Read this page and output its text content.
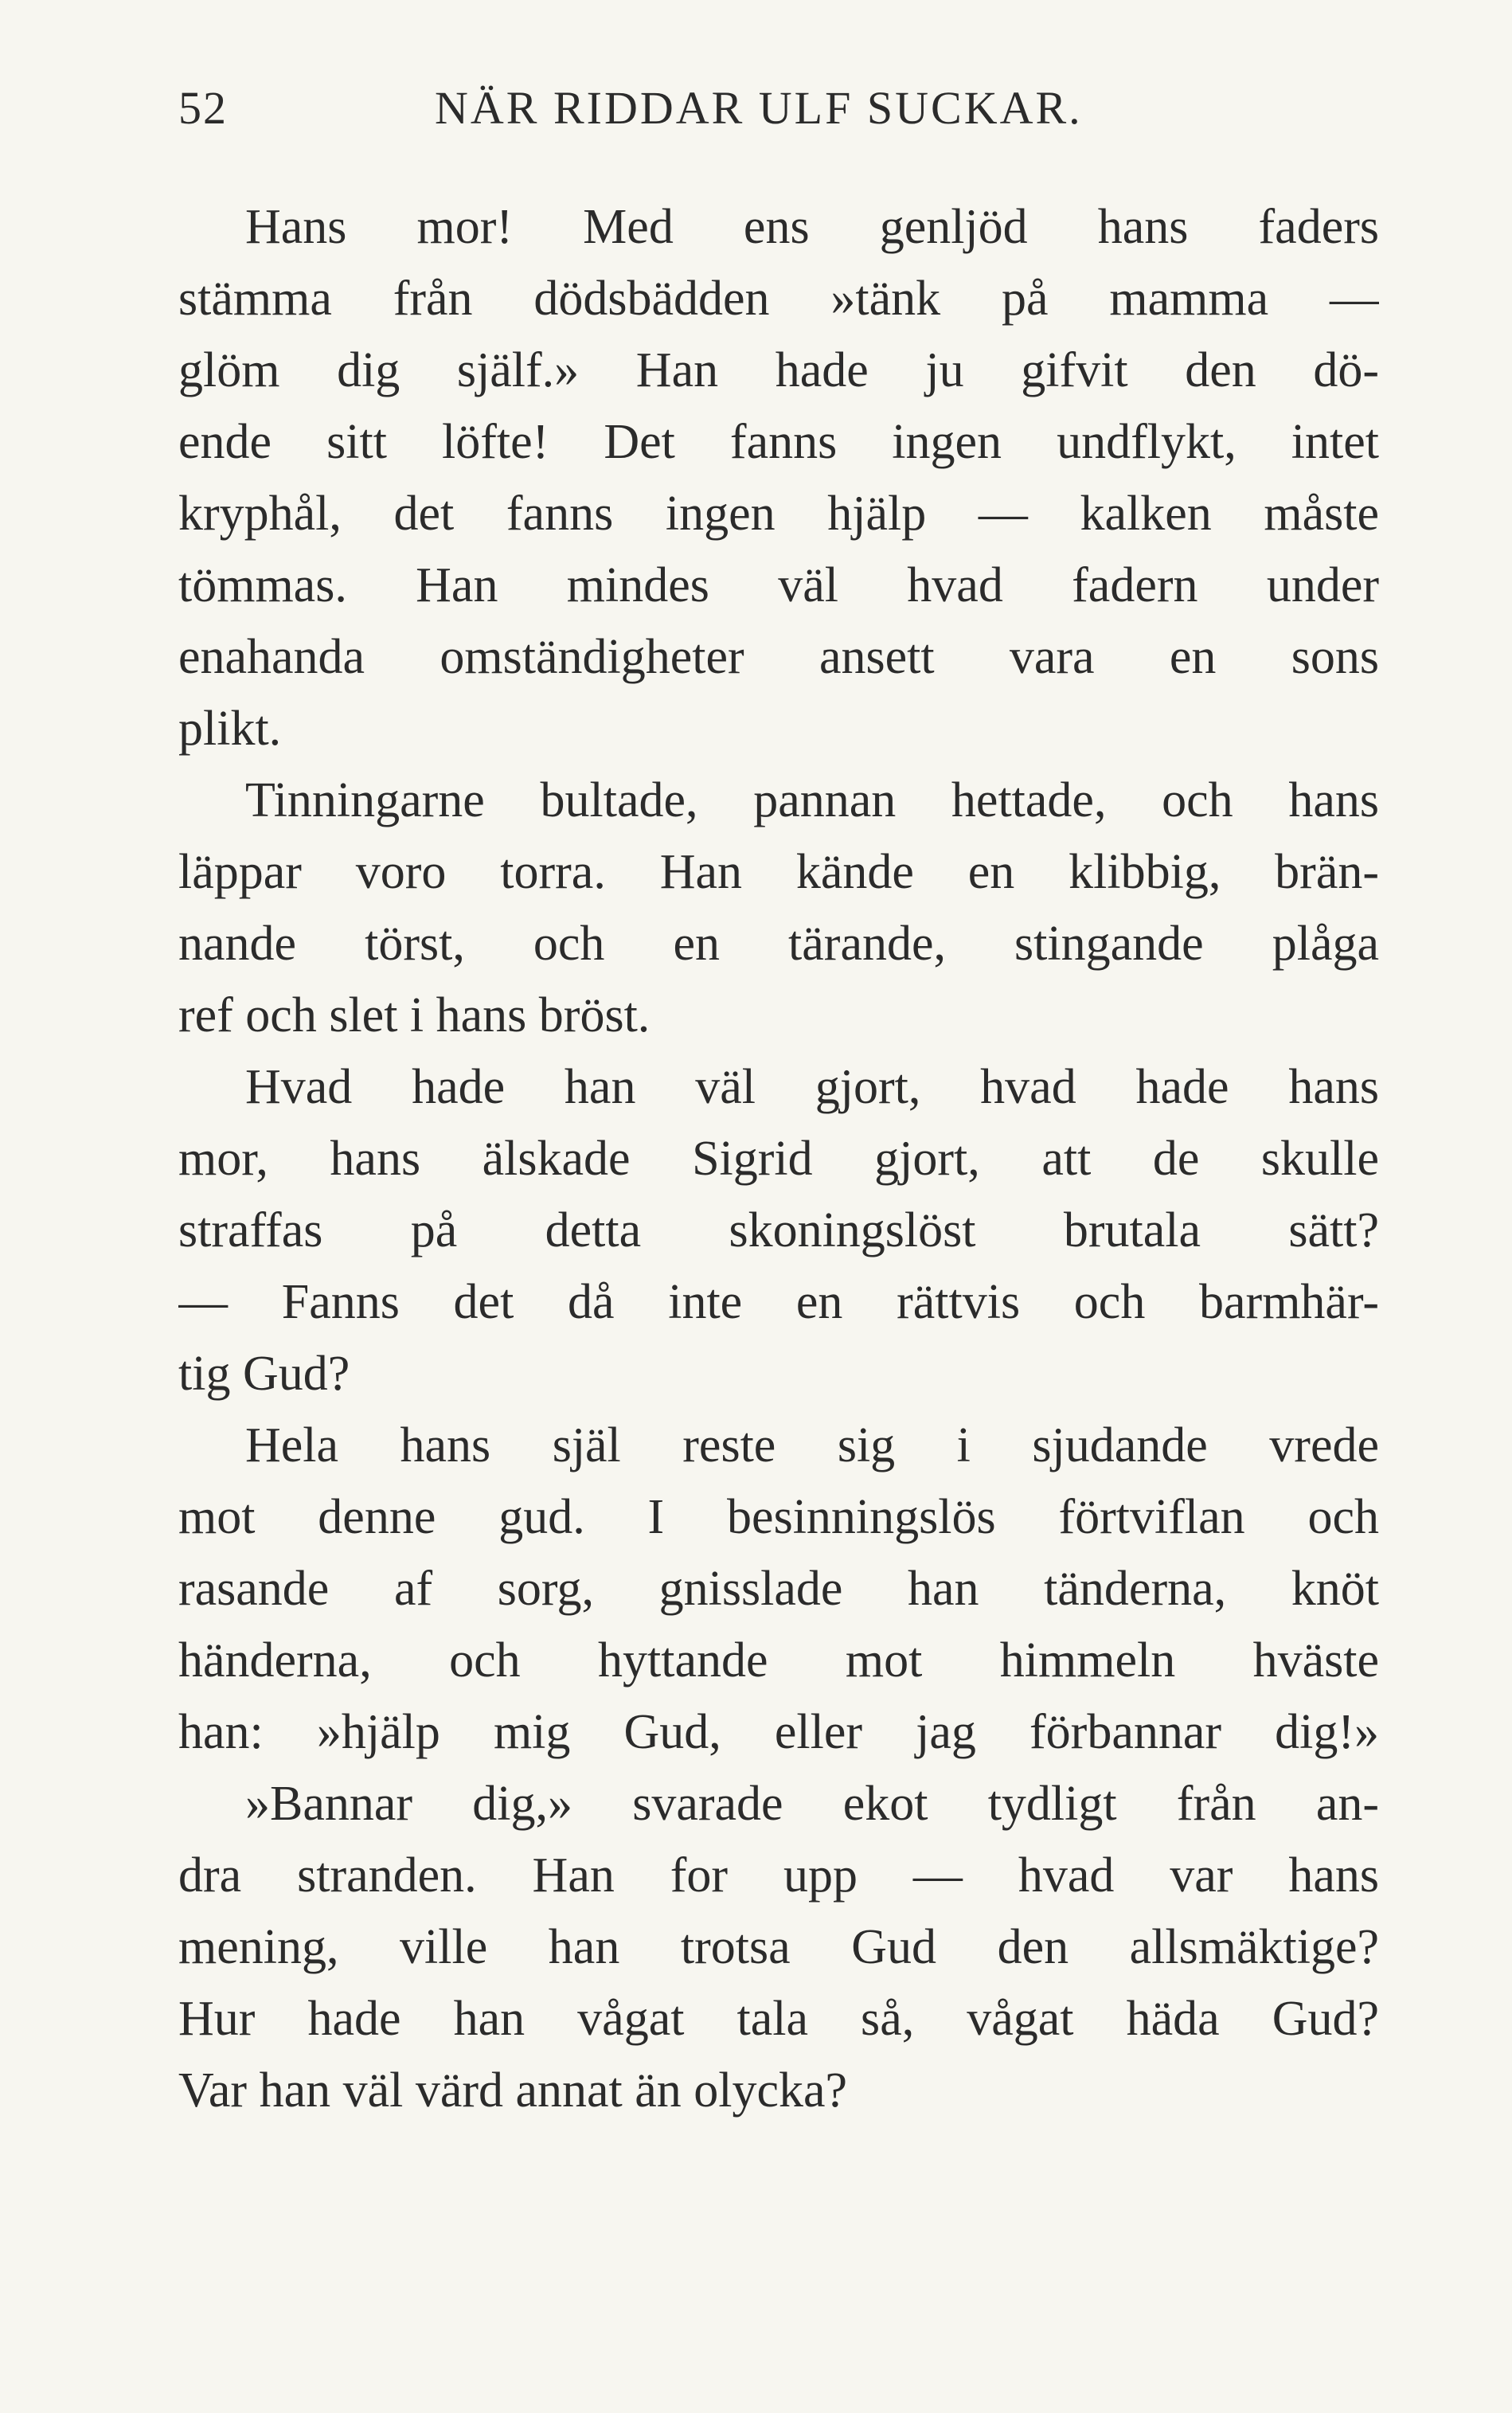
52	NÄR RIDDAR ULF SUCKAR.
Hans mor! Med ens genljöd hans faders
stämma från dödsbädden »tänk på mamma —
glöm dig själf.» Han hade ju gifvit den dö-
ende sitt löfte! Det fanns ingen undflykt, intet
kryphål, det fanns ingen hjälp — kalken måste
tömmas. Han mindes väl hvad fadern under
enahanda omständigheter ansett vara en sons
plikt.
Tinningarne bultade, pannan hettade, och hans
läppar voro torra. Han kände en klibbig, brän-
nande törst, och en tärande, stingande plåga
ref och slet i hans bröst.
Hvad hade han väl gjort, hvad hade hans
mor, hans älskade Sigrid gjort, att de skulle
straffas på detta skoningslöst brutala sätt?
— Fanns det då inte en rättvis och barmhär-
tig Gud?
Hela hans själ reste sig i sjudande vrede
mot denne gud. I besinningslös förtviflan och
rasande af sorg, gnisslade han tänderna, knöt
händerna, och hyttande mot himmeln hväste
han: »hjälp mig Gud, eller jag förbannar dig!»
»Bannar dig,» svarade ekot tydligt från an-
dra stranden. Han for upp — hvad var hans
mening, ville han trotsa Gud den allsmäktige?
Hur hade han vågat tala så, vågat häda Gud?
Var han väl värd annat än olycka?
